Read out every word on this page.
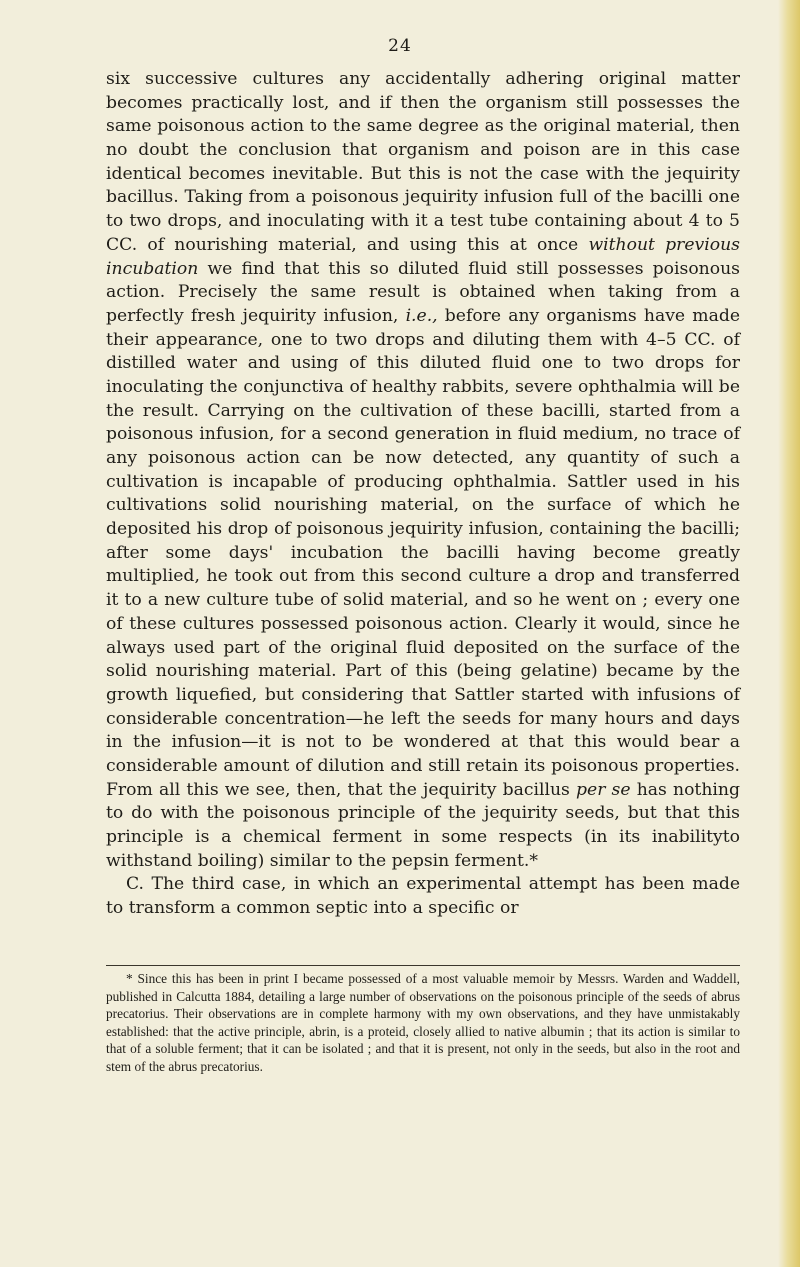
24

six successive cultures any accidentally adhering original matter becomes practically lost, and if then the organism still possesses the same poisonous action to the same degree as the original material, then no doubt the conclusion that organism and poison are in this case identical becomes inevitable. But this is not the case with the jequirity bacillus. Taking from a poisonous jequirity infusion full of the bacilli one to two drops, and inoculating with it a test tube containing about 4 to 5 CC. of nourishing material, and using this at once without previous incubation we find that this so diluted fluid still possesses poisonous action. Precisely the same result is obtained when taking from a perfectly fresh jequirity infusion, i.e., before any organisms have made their appearance, one to two drops and diluting them with 4–5 CC. of distilled water and using of this diluted fluid one to two drops for inoculating the conjunctiva of healthy rabbits, severe ophthalmia will be the result. Carrying on the cultivation of these bacilli, started from a poisonous infusion, for a second generation in fluid medium, no trace of any poisonous action can be now detected, any quantity of such a cultivation is incapable of producing ophthalmia. Sattler used in his cultivations solid nourishing material, on the surface of which he deposited his drop of poisonous jequirity infusion, containing the bacilli; after some days' incubation the bacilli having become greatly multiplied, he took out from this second culture a drop and transferred it to a new culture tube of solid material, and so he went on ; every one of these cultures possessed poisonous action. Clearly it would, since he always used part of the original fluid deposited on the surface of the solid nourishing material. Part of this (being gelatine) became by the growth liquefied, but considering that Sattler started with infusions of considerable concentration—he left the seeds for many hours and days in the infusion—it is not to be wondered at that this would bear a considerable amount of dilution and still retain its poisonous properties. From all this we see, then, that the jequirity bacillus per se has nothing to do with the poisonous principle of the jequirity seeds, but that this principle is a chemical ferment in some respects (in its inabilityto withstand boiling) similar to the pepsin ferment.*

C. The third case, in which an experimental attempt has been made to transform a common septic into a specific or

* Since this has been in print I became possessed of a most valuable memoir by Messrs. Warden and Waddell, published in Calcutta 1884, detailing a large number of observations on the poisonous principle of the seeds of abrus precatorius. Their observations are in complete harmony with my own observations, and they have unmistakably established: that the active principle, abrin, is a proteid, closely allied to native albumin ; that its action is similar to that of a soluble ferment; that it can be isolated ; and that it is present, not only in the seeds, but also in the root and stem of the abrus precatorius.
